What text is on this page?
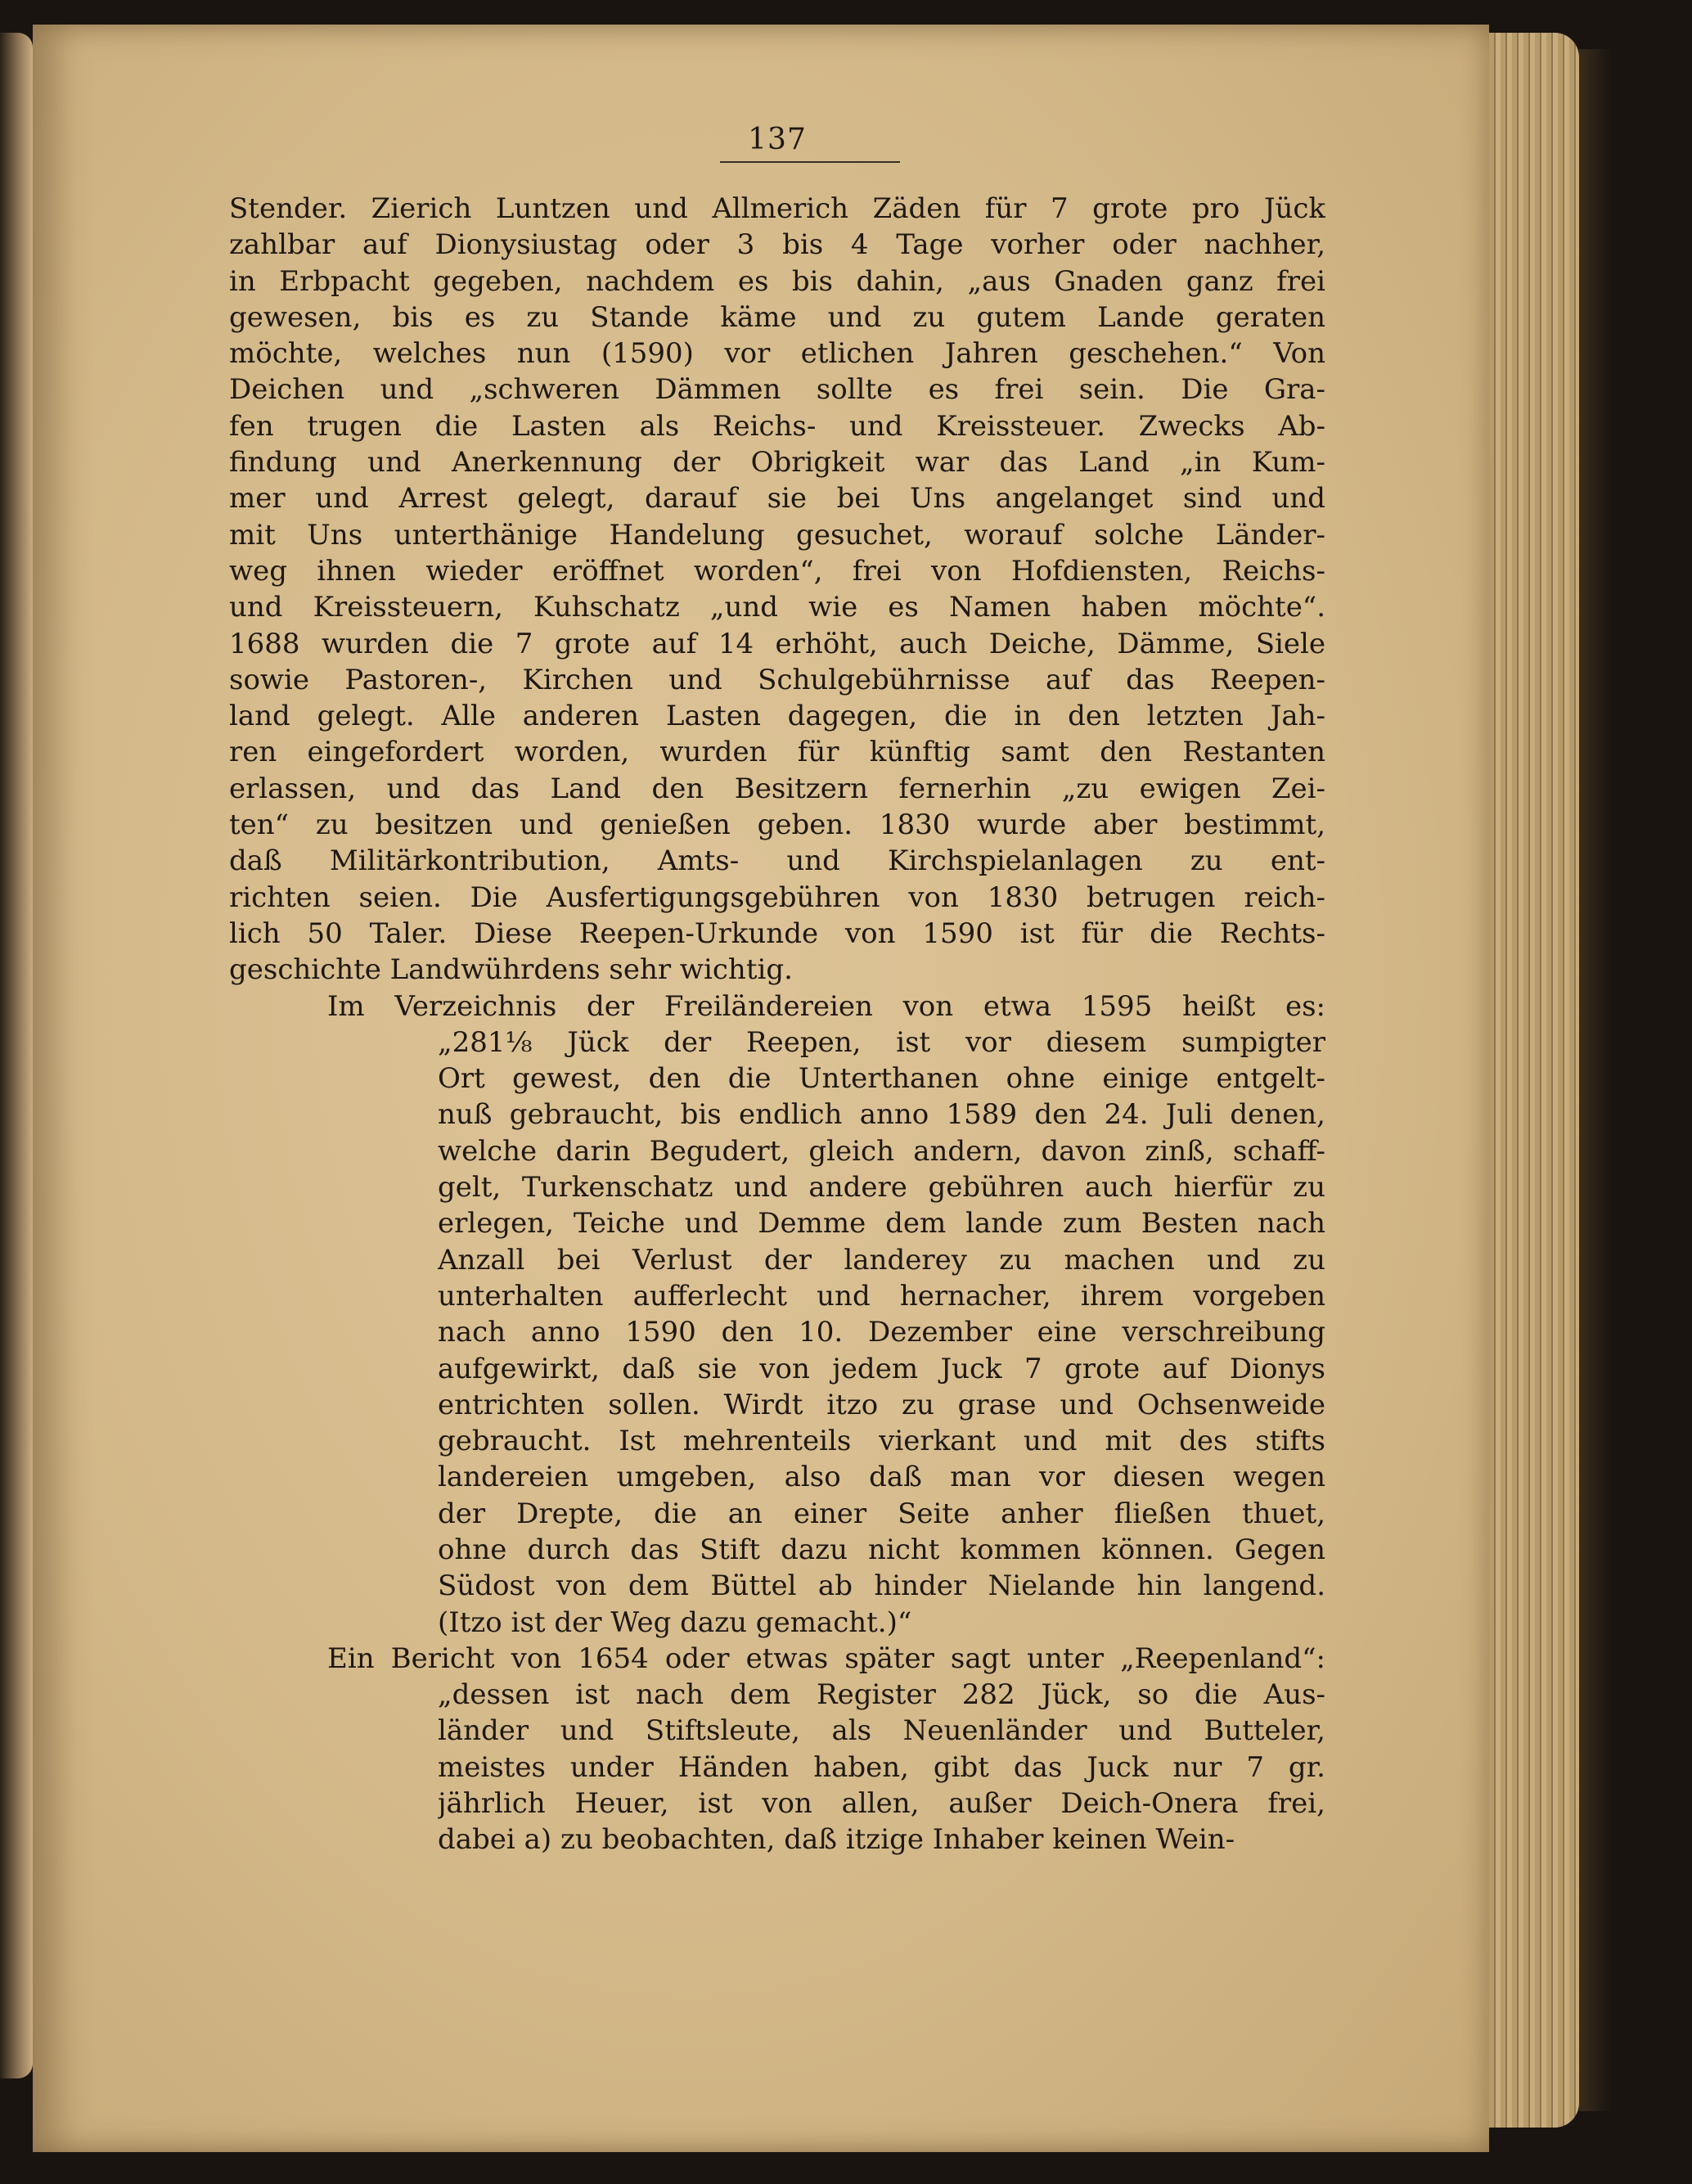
137
Stender. Zierich Luntzen und Allmerich Zäden für 7 grote pro Jück
zahlbar auf Dionysiustag oder 3 bis 4 Tage vorher oder nachher,
in Erbpacht gegeben, nachdem es bis dahin, „aus Gnaden ganz frei
gewesen, bis es zu Stande käme und zu gutem Lande geraten
möchte, welches nun (1590) vor etlichen Jahren geschehen.“ Von
Deichen und „schweren Dämmen sollte es frei sein. Die Gra-
fen trugen die Lasten als Reichs- und Kreissteuer. Zwecks Ab-
findung und Anerkennung der Obrigkeit war das Land „in Kum-
mer und Arrest gelegt, darauf sie bei Uns angelanget sind und
mit Uns unterthänige Handelung gesuchet, worauf solche Länder-
weg ihnen wieder eröffnet worden“, frei von Hofdiensten, Reichs-
und Kreissteuern, Kuhschatz „und wie es Namen haben möchte“.
1688 wurden die 7 grote auf 14 erhöht, auch Deiche, Dämme, Siele
sowie Pastoren-, Kirchen und Schulgebührnisse auf das Reepen-
land gelegt. Alle anderen Lasten dagegen, die in den letzten Jah-
ren eingefordert worden, wurden für künftig samt den Restanten
erlassen, und das Land den Besitzern fernerhin „zu ewigen Zei-
ten“ zu besitzen und genießen geben. 1830 wurde aber bestimmt,
daß Militärkontribution, Amts- und Kirchspielanlagen zu ent-
richten seien. Die Ausfertigungsgebühren von 1830 betrugen reich-
lich 50 Taler. Diese Reepen-Urkunde von 1590 ist für die Rechts-
geschichte Landwührdens sehr wichtig.
Im Verzeichnis der Freiländereien von etwa 1595 heißt es:
„281⅛ Jück der Reepen, ist vor diesem sumpigter
Ort gewest, den die Unterthanen ohne einige entgelt-
nuß gebraucht, bis endlich anno 1589 den 24. Juli denen,
welche darin Begudert, gleich andern, davon zinß, schaff-
gelt, Turkenschatz und andere gebühren auch hierfür zu
erlegen, Teiche und Demme dem lande zum Besten nach
Anzall bei Verlust der landerey zu machen und zu
unterhalten aufferlecht und hernacher, ihrem vorgeben
nach anno 1590 den 10. Dezember eine verschreibung
aufgewirkt, daß sie von jedem Juck 7 grote auf Dionys
entrichten sollen. Wirdt itzo zu grase und Ochsenweide
gebraucht. Ist mehrenteils vierkant und mit des stifts
landereien umgeben, also daß man vor diesen wegen
der Drepte, die an einer Seite anher fließen thuet,
ohne durch das Stift dazu nicht kommen können. Gegen
Südost von dem Büttel ab hinder Nielande hin langend.
(Itzo ist der Weg dazu gemacht.)“
Ein Bericht von 1654 oder etwas später sagt unter „Reepenland“:
„dessen ist nach dem Register 282 Jück, so die Aus-
länder und Stiftsleute, als Neuenländer und Butteler,
meistes under Händen haben, gibt das Juck nur 7 gr.
jährlich Heuer, ist von allen, außer Deich-Onera frei,
dabei a) zu beobachten, daß itzige Inhaber keinen Wein-
